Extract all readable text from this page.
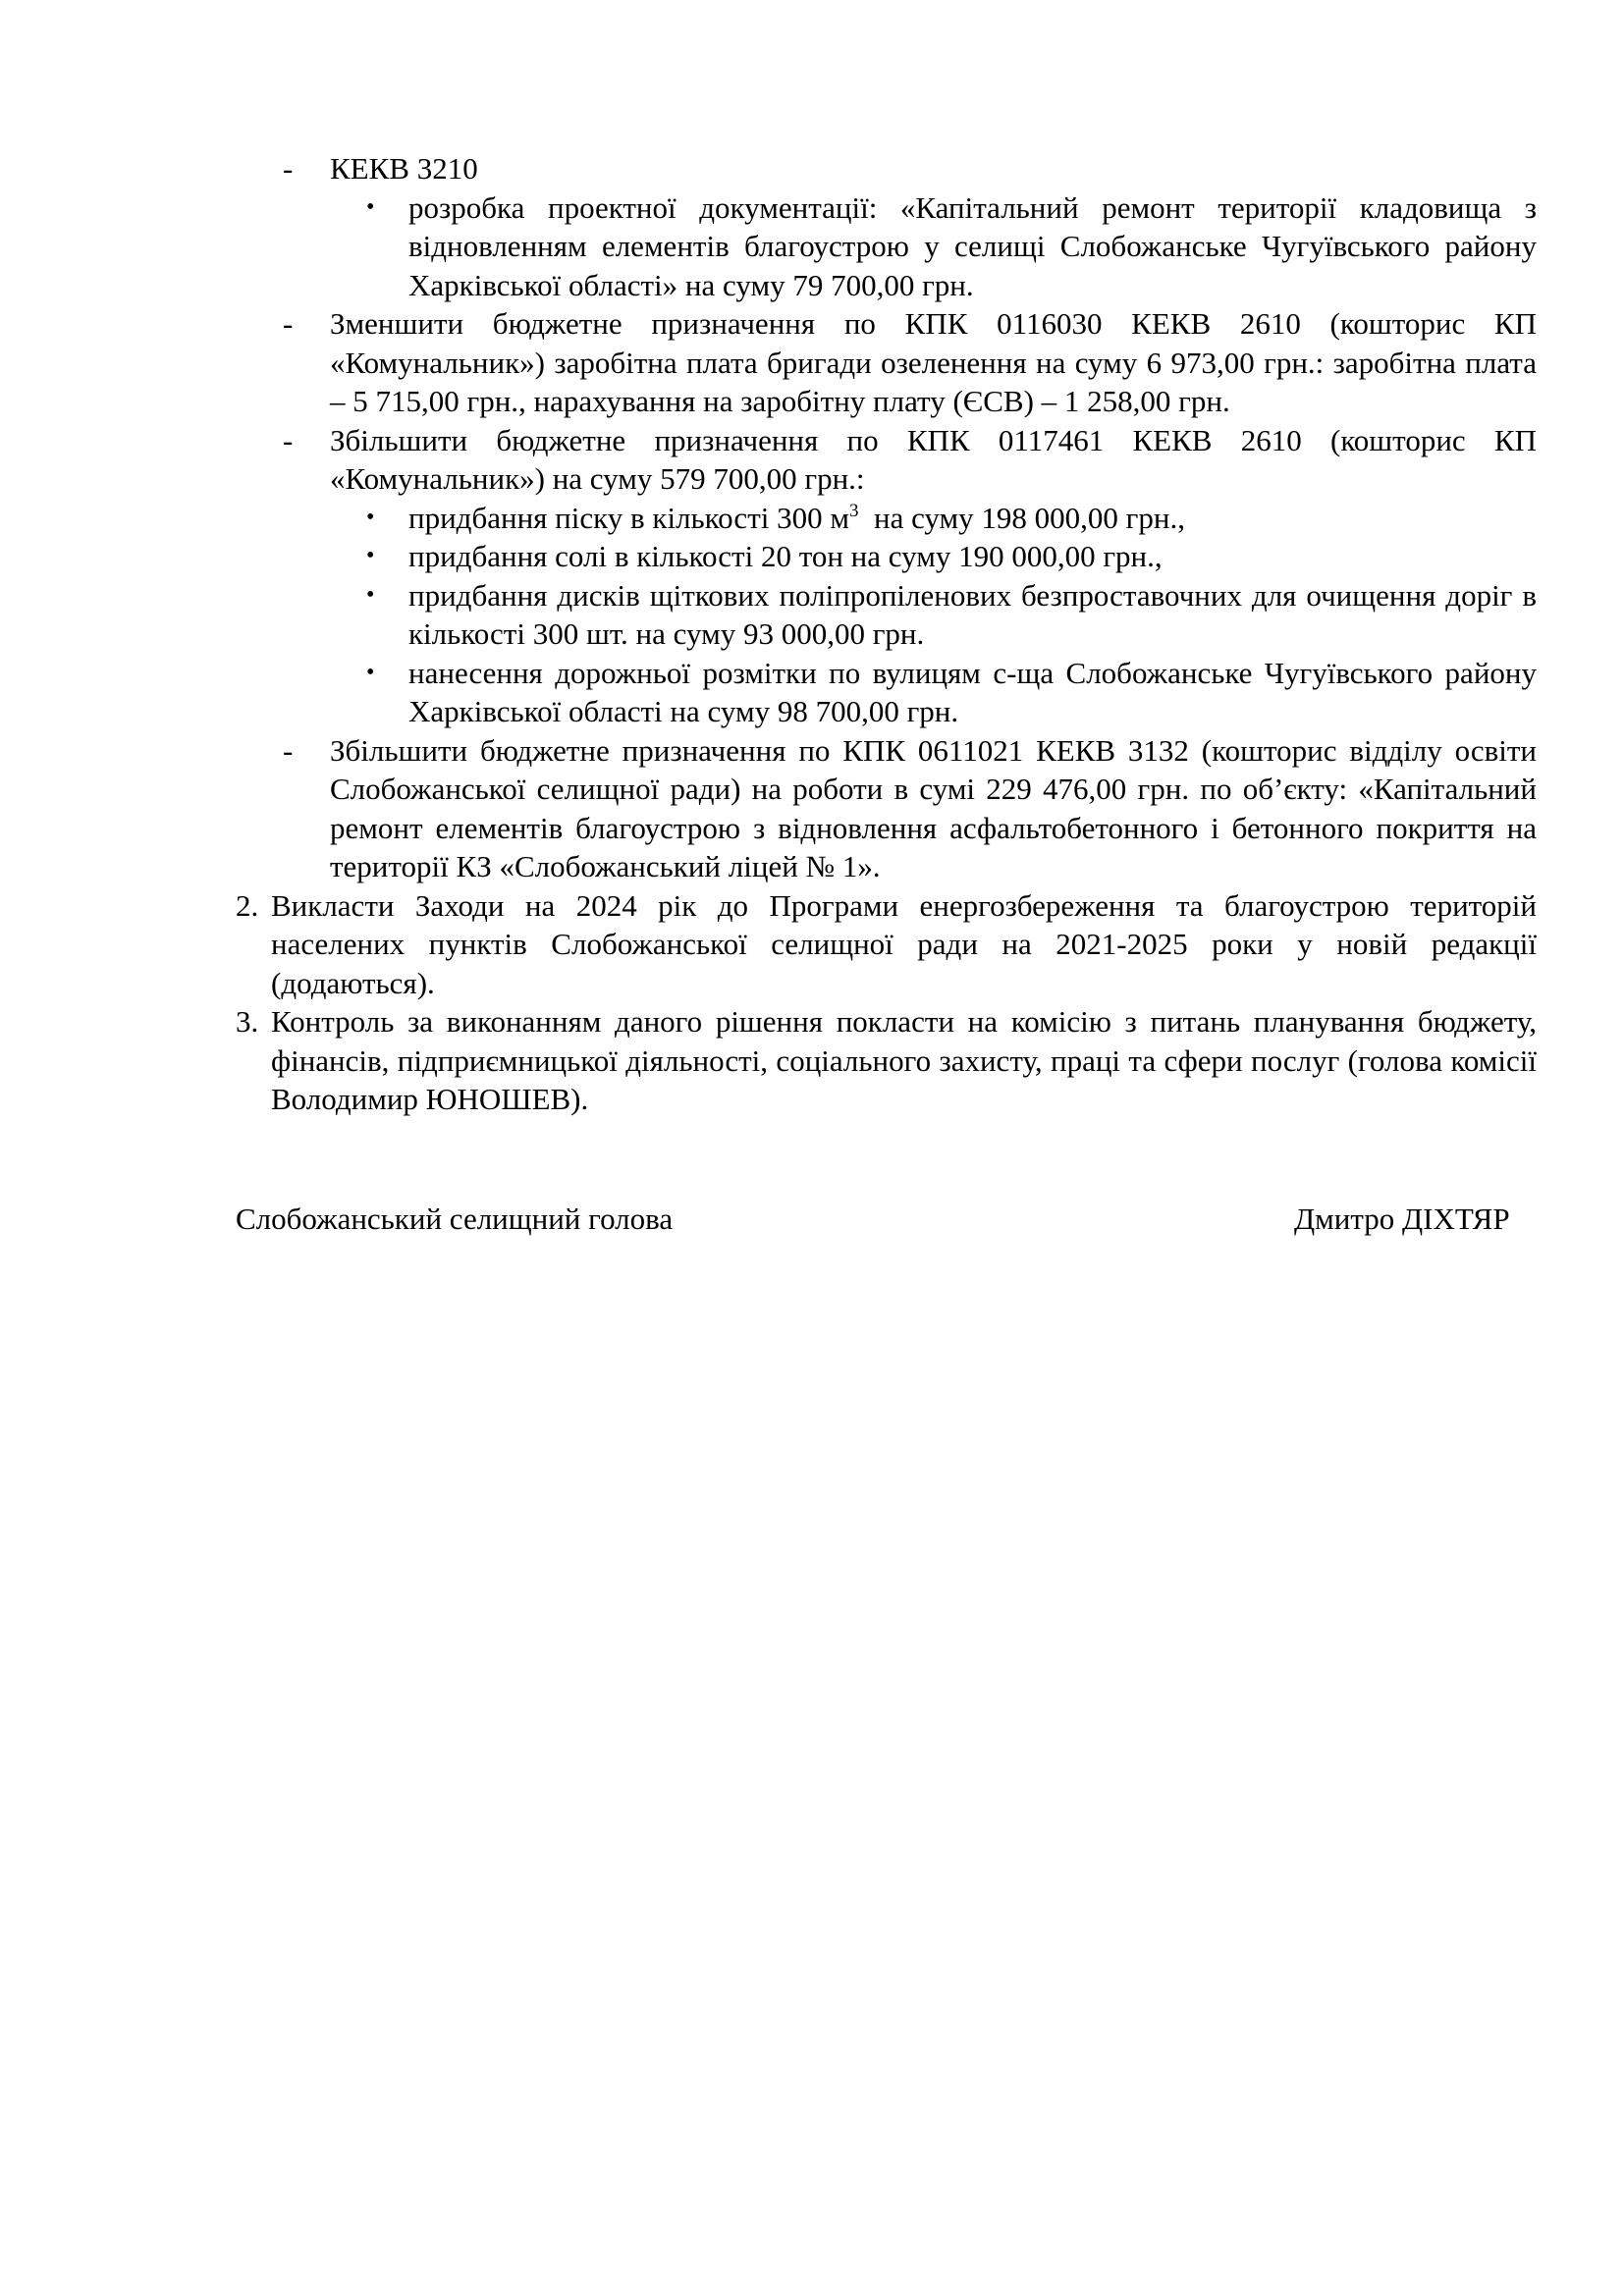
- КЕКВ 3210
• розробка проектної документації: «Капітальний ремонт території кладовища з відновленням елементів благоустрою у селищі Слобожанське Чугуївського району Харківської області» на суму 79 700,00 грн.
- Зменшити бюджетне призначення по КПК 0116030 КЕКВ 2610 (кошторис КП «Комунальник») заробітна плата бригади озеленення на суму 6 973,00 грн.: заробітна плата – 5 715,00 грн., нарахування на заробітну плату (ЄСВ) – 1 258,00 грн.
- Збільшити бюджетне призначення по КПК 0117461 КЕКВ 2610 (кошторис КП «Комунальник») на суму 579 700,00 грн.:
• придбання піску в кількості 300 $м^3$  на суму 198 000,00 грн.,
• придбання солі в кількості 20 тон на суму 190 000,00 грн.,
• придбання дисків щіткових поліпропіленових безпроставочних для очищення доріг в кількості 300 шт. на суму 93 000,00 грн.
• нанесення дорожньої розмітки по вулицям с-ща Слобожанське Чугуївського району Харківської області на суму 98 700,00 грн.
- Збільшити бюджетне призначення по КПК 0611021 КЕКВ 3132 (кошторис відділу освіти Слобожанської селищної ради) на роботи в сумі 229 476,00 грн. по об’єкту: «Капітальний ремонт елементів благоустрою з відновлення асфальтобетонного і бетонного покриття на території КЗ «Слобожанський ліцей № 1».
2. Викласти Заходи на 2024 рік до Програми енергозбереження та благоустрою територій населених пунктів Слобожанської селищної ради на 2021-2025 роки у новій редакції (додаються).
3. Контроль за виконанням даного рішення покласти на комісію з питань планування бюджету, фінансів, підприємницької діяльності, соціального захисту, праці та сфери послуг (голова комісії Володимир ЮНОШЕВ).
Слобожанський селищний голова	Дмитро ДІХТЯР
